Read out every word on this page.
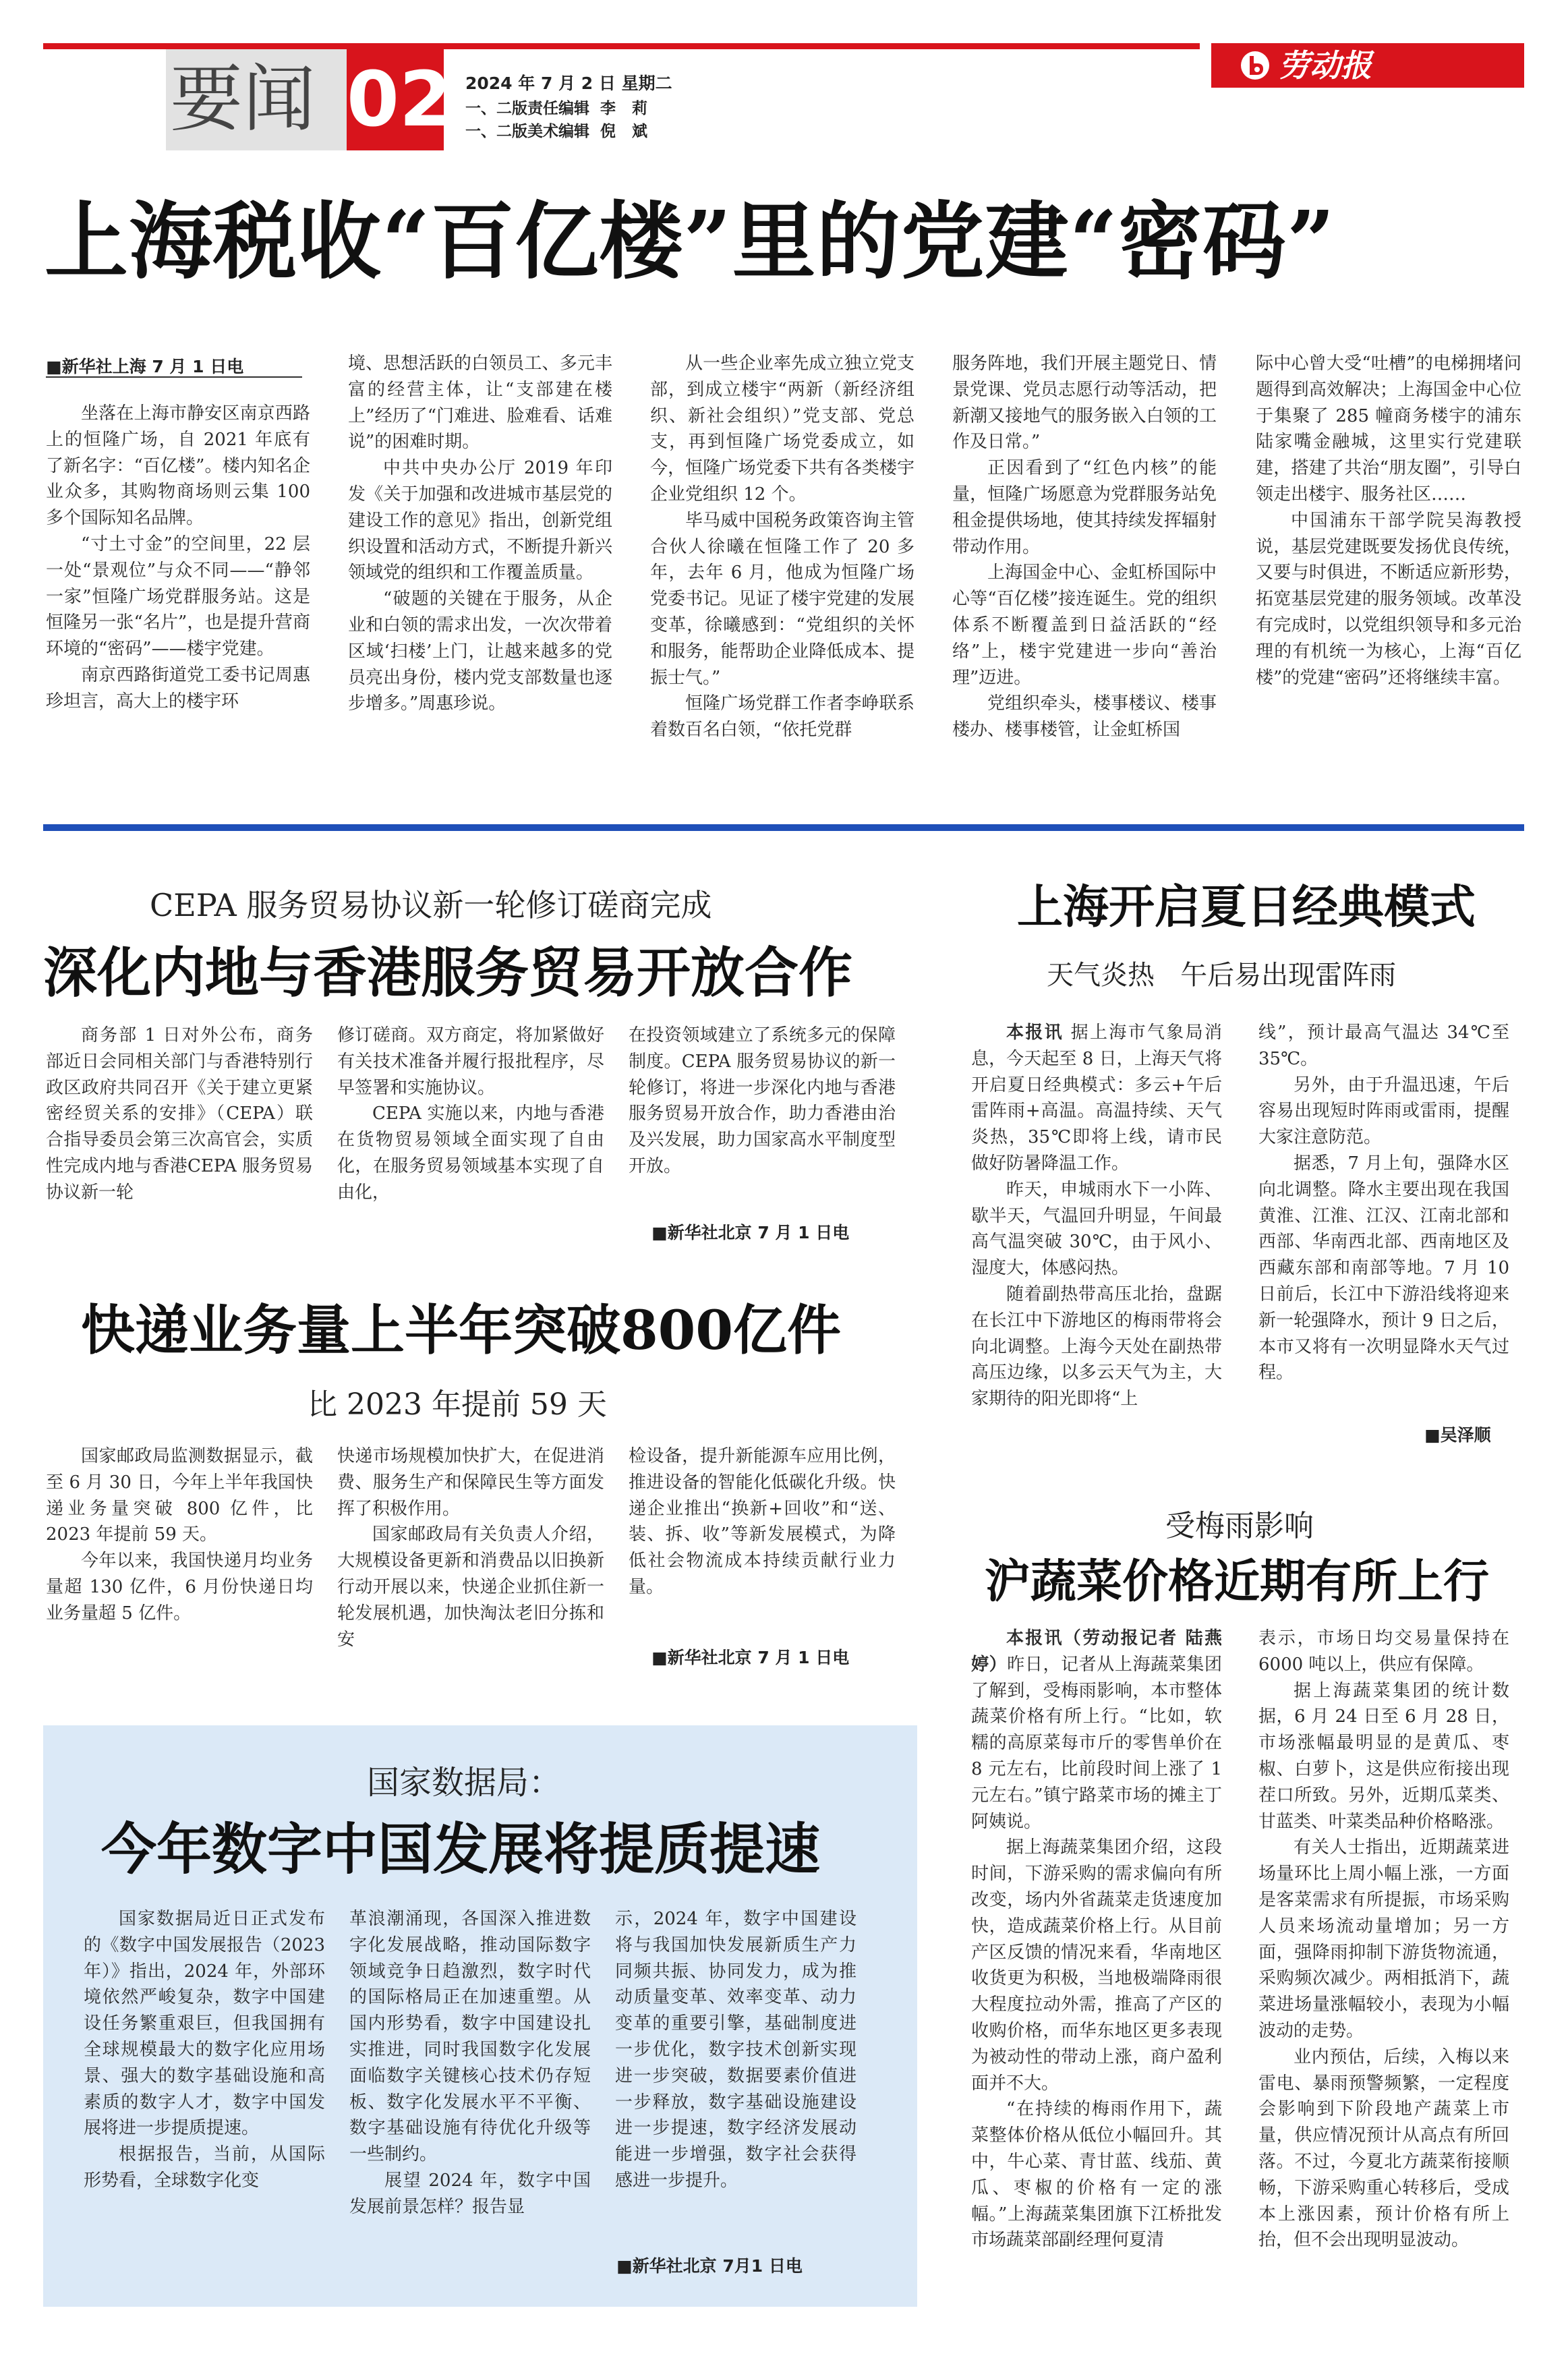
要闻 02 2024 年 7 月 2 日 星期二
一、二版责任编辑  李   莉
一、二版美术编辑  倪   斌
劳动报
上海税收“百亿楼”里的党建“密码”
■新华社上海 7 月 1 日电

坐落在上海市静安区南京西路上的恒隆广场，自 2021 年底有了新名字：“百亿楼”。楼内知名企业众多，其购物商场则云集 100 多个国际知名品牌。

“寸土寸金”的空间里，22 层一处“景观位”与众不同——“静邻一家”恒隆广场党群服务站。这是恒隆另一张“名片”，也是提升营商环境的“密码”——楼宇党建。

南京西路街道党工委书记周惠珍坦言，高大上的楼宇环

境、思想活跃的白领员工、多元丰富的经营主体，让“支部建在楼上”经历了“门难进、脸难看、话难说”的困难时期。

中共中央办公厅 2019 年印发《关于加强和改进城市基层党的建设工作的意见》指出，创新党组织设置和活动方式，不断提升新兴领域党的组织和工作覆盖质量。

“破题的关键在于服务，从企业和白领的需求出发，一次次带着区域‘扫楼’上门，让越来越多的党员亮出身份，楼内党支部数量也逐步增多。”周惠珍说。

从一些企业率先成立独立党支部，到成立楼宇“两新（新经济组织、新社会组织）”党支部、党总支，再到恒隆广场党委成立，如今，恒隆广场党委下共有各类楼宇企业党组织 12 个。

毕马威中国税务政策咨询主管合伙人徐曦在恒隆工作了 20 多年，去年 6 月，他成为恒隆广场党委书记。见证了楼宇党建的发展变革，徐曦感到：“党组织的关怀和服务，能帮助企业降低成本、提振士气。”

恒隆广场党群工作者李峥联系着数百名白领，“依托党群

服务阵地，我们开展主题党日、情景党课、党员志愿行动等活动，把新潮又接地气的服务嵌入白领的工作及日常。”

正因看到了“红色内核”的能量，恒隆广场愿意为党群服务站免租金提供场地，使其持续发挥辐射带动作用。

上海国金中心、金虹桥国际中心等“百亿楼”接连诞生。党的组织体系不断覆盖到日益活跃的“经络”上，楼宇党建进一步向“善治理”迈进。

党组织牵头，楼事楼议、楼事楼办、楼事楼管，让金虹桥国

际中心曾大受“吐槽”的电梯拥堵问题得到高效解决；上海国金中心位于集聚了 285 幢商务楼宇的浦东陆家嘴金融城，这里实行党建联建，搭建了共治“朋友圈”，引导白领走出楼宇、服务社区……

中国浦东干部学院吴海教授说，基层党建既要发扬优良传统，又要与时俱进，不断适应新形势，拓宽基层党建的服务领域。改革没有完成时，以党组织领导和多元治理的有机统一为核心，上海“百亿楼”的党建“密码”还将继续丰富。

CEPA 服务贸易协议新一轮修订磋商完成
深化内地与香港服务贸易开放合作

商务部 1 日对外公布，商务部近日会同相关部门与香港特别行政区政府共同召开《关于建立更紧密经贸关系的安排》（CEPA）联合指导委员会第三次高官会，实质性完成内地与香港CEPA 服务贸易协议新一轮

修订磋商。双方商定，将加紧做好有关技术准备并履行报批程序，尽早签署和实施协议。

CEPA 实施以来，内地与香港在货物贸易领域全面实现了自由化，在服务贸易领域基本实现了自由化，

在投资领域建立了系统多元的保障制度。CEPA 服务贸易协议的新一轮修订，将进一步深化内地与香港服务贸易开放合作，助力香港由治及兴发展，助力国家高水平制度型开放。

■新华社北京 7 月 1 日电
快递业务量上半年突破800亿件
比 2023 年提前 59 天

国家邮政局监测数据显示，截至 6 月 30 日，今年上半年我国快递业务量突破 800 亿件，比 2023 年提前 59 天。

今年以来，我国快递月均业务量超 130 亿件，6 月份快递日均业务量超 5 亿件。

快递市场规模加快扩大，在促进消费、服务生产和保障民生等方面发挥了积极作用。

国家邮政局有关负责人介绍，大规模设备更新和消费品以旧换新行动开展以来，快递企业抓住新一轮发展机遇，加快淘汰老旧分拣和安

检设备，提升新能源车应用比例，推进设备的智能化低碳化升级。快递企业推出“换新+回收”和“送、装、拆、收”等新发展模式，为降低社会物流成本持续贡献行业力量。

■新华社北京 7 月 1 日电
国家数据局：
今年数字中国发展将提质提速

国家数据局近日正式发布的《数字中国发展报告（2023 年）》指出，2024 年，外部环境依然严峻复杂，数字中国建设任务繁重艰巨，但我国拥有全球规模最大的数字化应用场景、强大的数字基础设施和高素质的数字人才，数字中国发展将进一步提质提速。

根据报告，当前，从国际形势看，全球数字化变

革浪潮涌现，各国深入推进数字化发展战略，推动国际数字领域竞争日趋激烈，数字时代的国际格局正在加速重塑。从国内形势看，数字中国建设扎实推进，同时我国数字化发展面临数字关键核心技术仍存短板、数字化发展水平不平衡、数字基础设施有待优化升级等一些制约。

展望 2024 年，数字中国发展前景怎样？报告显

示，2024 年，数字中国建设将与我国加快发展新质生产力同频共振、协同发力，成为推动质量变革、效率变革、动力变革的重要引擎，基础制度进一步优化，数字技术创新实现进一步突破，数据要素价值进一步释放，数字基础设施建设进一步提速，数字经济发展动能进一步增强，数字社会获得感进一步提升。

■新华社北京 7月1 日电
上海开启夏日经典模式
天气炎热   午后易出现雷阵雨

本报讯 据上海市气象局消息，今天起至 8 日，上海天气将开启夏日经典模式：多云+午后雷阵雨+高温。高温持续、天气炎热，35℃即将上线，请市民做好防暑降温工作。

昨天，申城雨水下一小阵、歇半天，气温回升明显，午间最高气温突破 30℃，由于风小、湿度大，体感闷热。

随着副热带高压北抬，盘踞在长江中下游地区的梅雨带将会向北调整。上海今天处在副热带高压边缘，以多云天气为主，大家期待的阳光即将“上

线”，预计最高气温达 34℃至 35℃。

另外，由于升温迅速，午后容易出现短时阵雨或雷雨，提醒大家注意防范。

据悉，7 月上旬，强降水区向北调整。降水主要出现在我国黄淮、江淮、江汉、江南北部和西部、华南西北部、西南地区及西藏东部和南部等地。7 月 10 日前后，长江中下游沿线将迎来新一轮强降水，预计 9 日之后，本市又将有一次明显降水天气过程。

■吴泽顺
受梅雨影响
沪蔬菜价格近期有所上行

本报讯（劳动报记者 陆燕婷）昨日，记者从上海蔬菜集团了解到，受梅雨影响，本市整体蔬菜价格有所上行。“比如，软糯的高原菜每市斤的零售单价在 8 元左右，比前段时间上涨了 1 元左右。”镇宁路菜市场的摊主丁阿姨说。

据上海蔬菜集团介绍，这段时间，下游采购的需求偏向有所改变，场内外省蔬菜走货速度加快，造成蔬菜价格上行。从目前产区反馈的情况来看，华南地区收货更为积极，当地极端降雨很大程度拉动外需，推高了产区的收购价格，而华东地区更多表现为被动性的带动上涨，商户盈利面并不大。

“在持续的梅雨作用下，蔬菜整体价格从低位小幅回升。其中，牛心菜、青甘蓝、线茄、黄瓜、枣椒的价格有一定的涨幅。”上海蔬菜集团旗下江桥批发市场蔬菜部副经理何夏清

表示，市场日均交易量保持在 6000 吨以上，供应有保障。

据上海蔬菜集团的统计数据，6 月 24 日至 6 月 28 日，市场涨幅最明显的是黄瓜、枣椒、白萝卜，这是供应衔接出现茬口所致。另外，近期瓜菜类、甘蓝类、叶菜类品种价格略涨。

有关人士指出，近期蔬菜进场量环比上周小幅上涨，一方面是客菜需求有所提振，市场采购人员来场流动量增加；另一方面，强降雨抑制下游货物流通，采购频次减少。两相抵消下，蔬菜进场量涨幅较小，表现为小幅波动的走势。

业内预估，后续，入梅以来雷电、暴雨预警频繁，一定程度会影响到下阶段地产蔬菜上市量，供应情况预计从高点有所回落。不过，今夏北方蔬菜衔接顺畅，下游采购重心转移后，受成本上涨因素，预计价格有所上抬，但不会出现明显波动。
